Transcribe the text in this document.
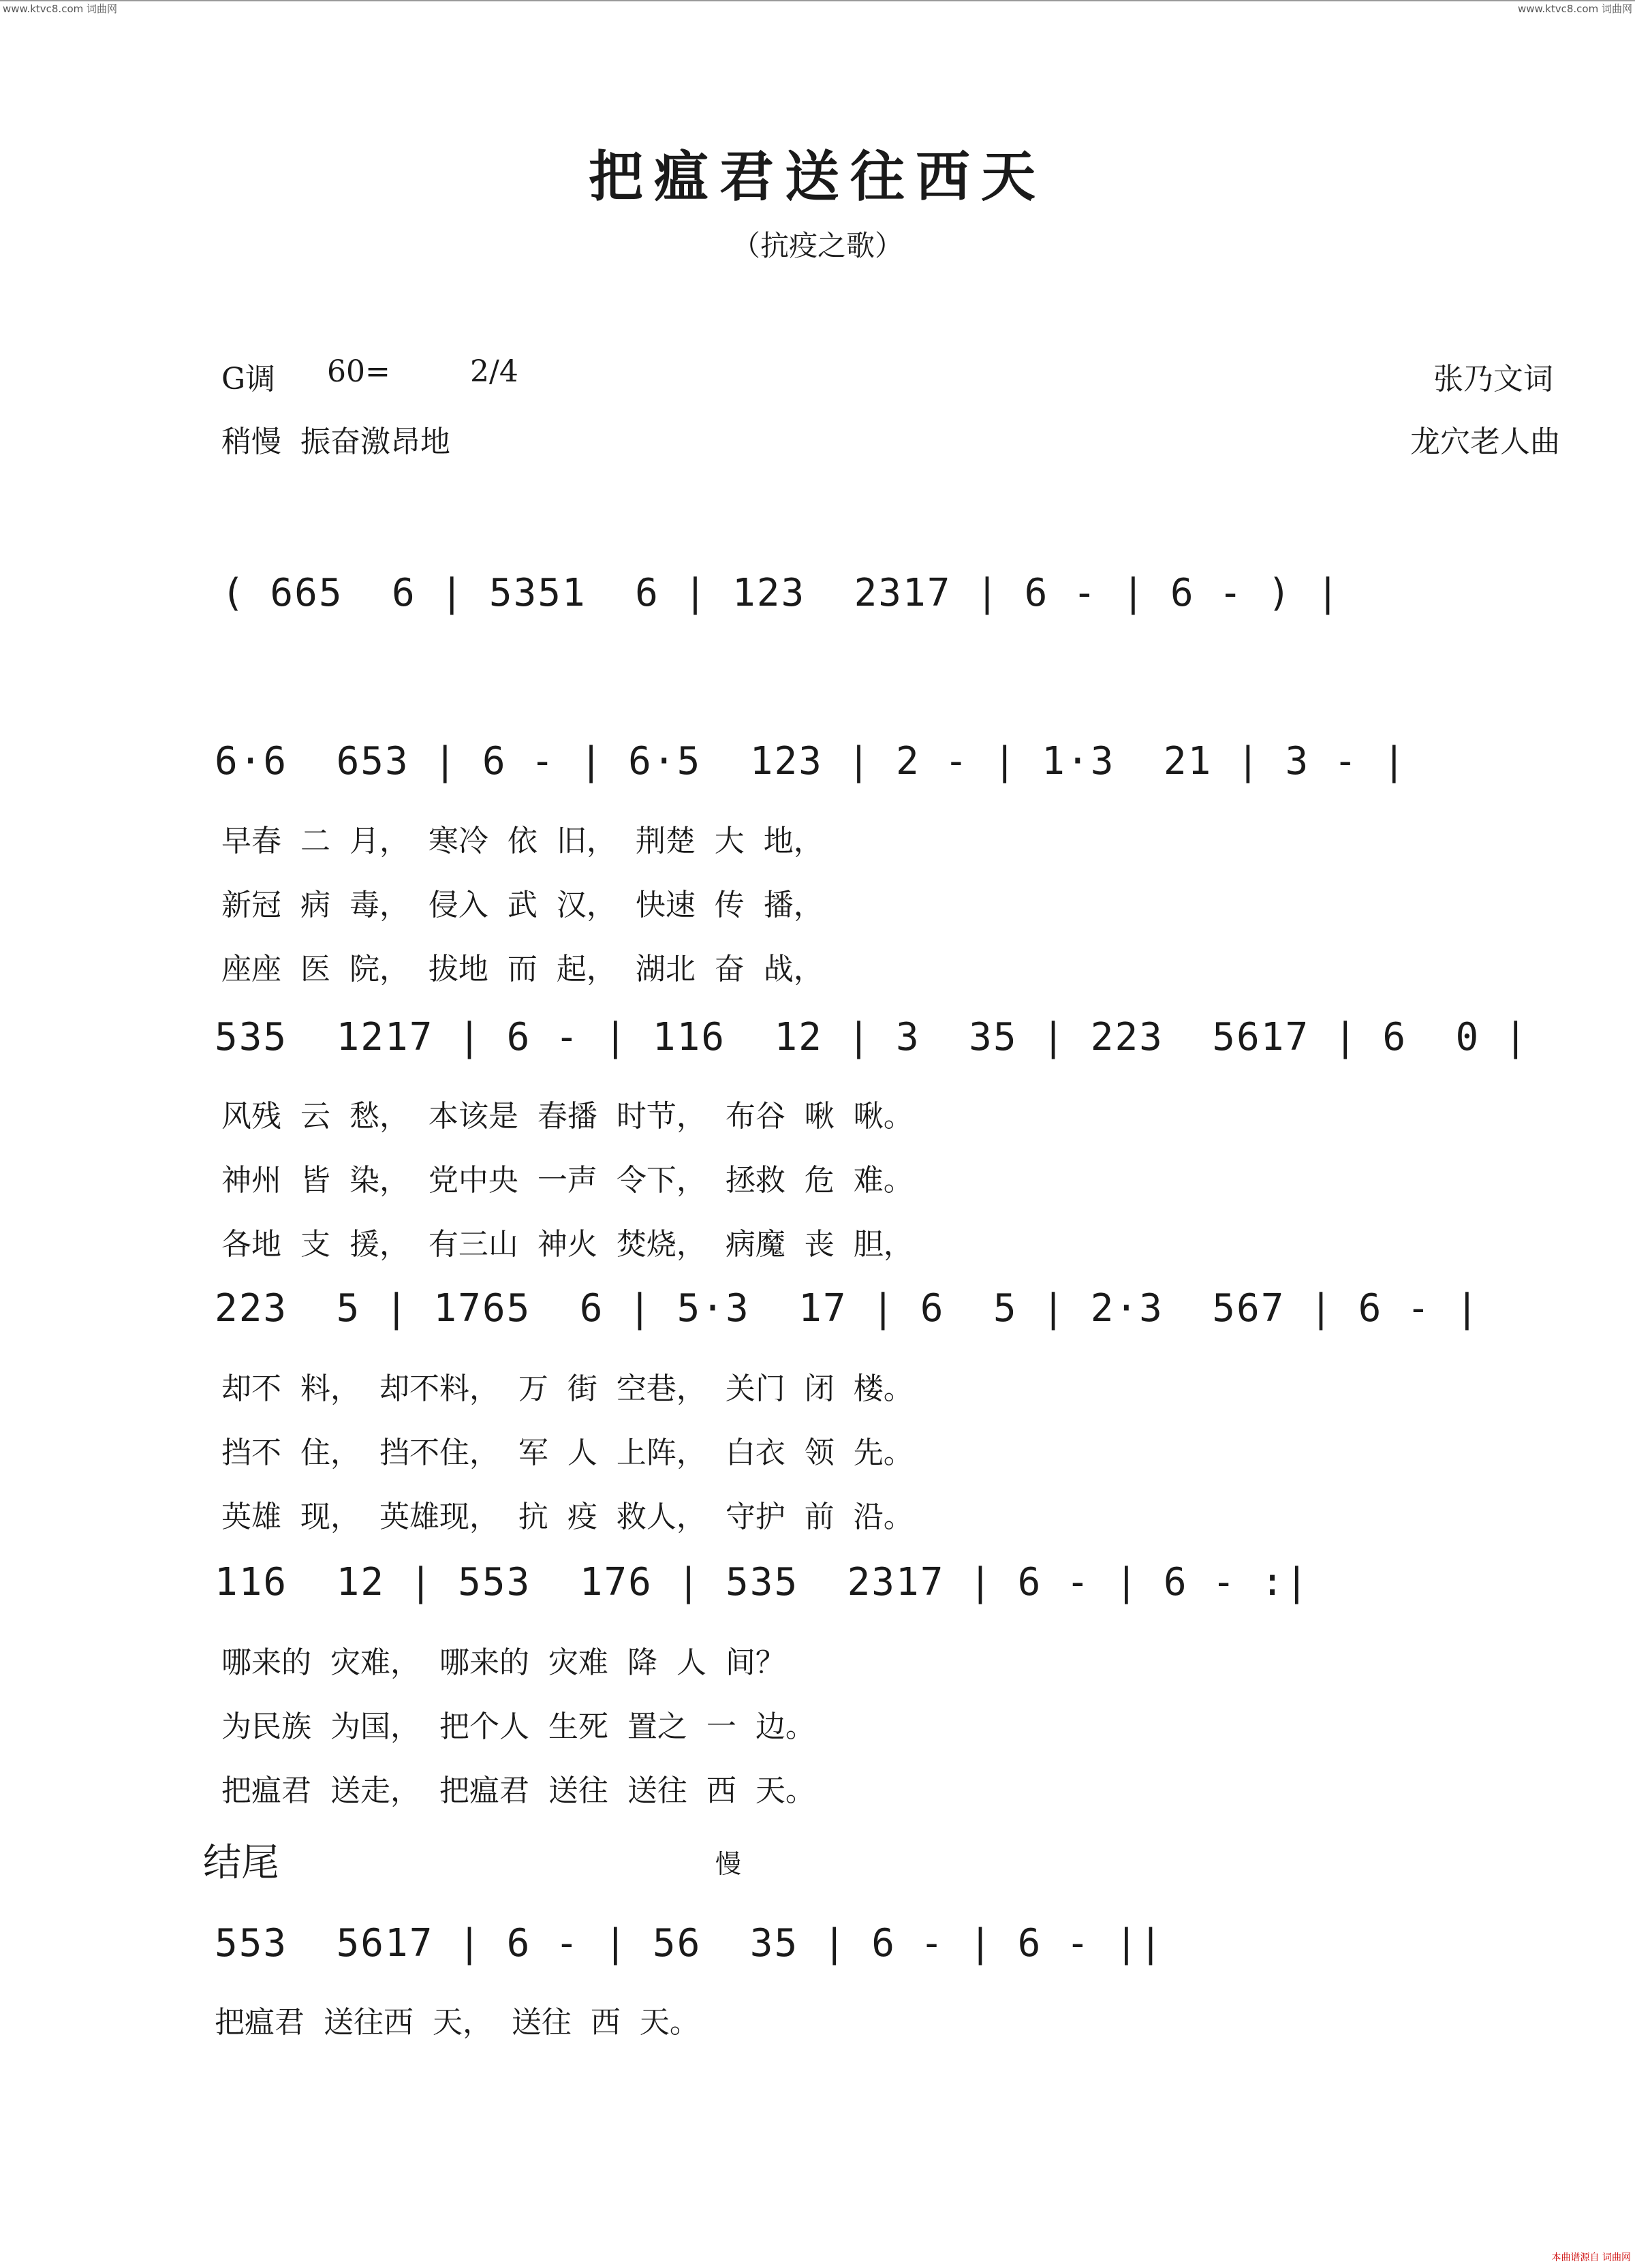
www.ktvc8.com 词曲网	www.ktvc8.com 词曲网
把瘟君送往西天
（抗疫之歌）
G调 60=	2/4
稍慢  振奋激昂地
张乃文词
龙穴老人曲
( 665  6 | 5351  6 | 123  2317 | 6 - | 6 - ) |
6·6  653 | 6 - | 6·5  123 | 2 - | 1·3  21 | 3 - |
早春  二  月，  寒冷  依  旧，  荆楚  大  地，
新冠  病  毒，  侵入  武  汉，  快速  传  播，
座座  医  院，  拔地  而  起，  湖北  奋  战，
535  1217 | 6 - | 116  12 | 3  35 | 223  5617 | 6  0 |
风残  云  愁，  本该是  春播  时节，  布谷  啾  啾。
神州  皆  染，  党中央  一声  令下，  拯救  危  难。
各地  支  援，  有三山  神火  焚烧，  病魔  丧  胆，
223  5 | 1765  6 | 5·3  17 | 6  5 | 2·3  567 | 6 - |
却不  料，  却不料，  万  街  空巷，  关门  闭  楼。
挡不  住，  挡不住，  军  人  上阵，  白衣  领  先。
英雄  现，  英雄现，  抗  疫  救人，  守护  前  沿。
116  12 | 553  176 | 535  2317 | 6 - | 6 - :|
哪来的  灾难，  哪来的  灾难  降  人  间？
为民族  为国，  把个人  生死  置之  一  边。
把瘟君  送走，  把瘟君  送往  送往  西  天。
结尾	慢
553  5617 | 6 - | 56  35 | 6 - | 6 - ||
把瘟君  送往西  天，  送往  西  天。
本曲谱源自 词曲网
